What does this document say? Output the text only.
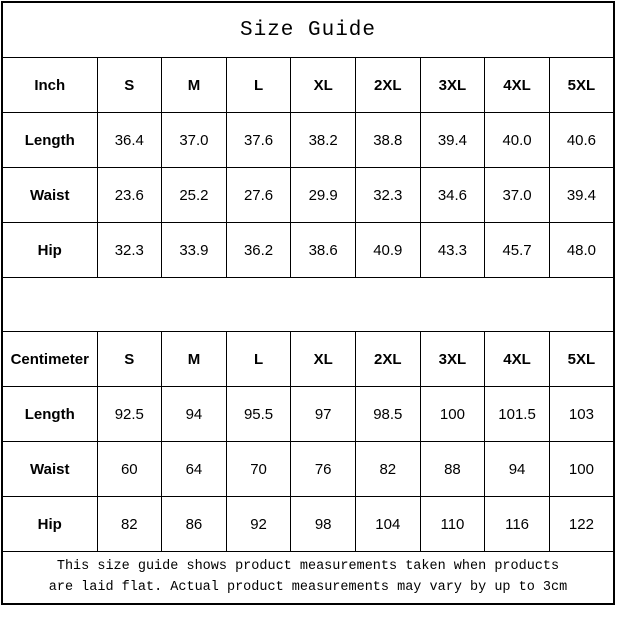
Size Guide								
Inch	S	M	L	XL	2XL	3XL	4XL	5XL
Length	36.4	37.0	37.6	38.2	38.8	39.4	40.0	40.6
Waist	23.6	25.2	27.6	29.9	32.3	34.6	37.0	39.4
Hip	32.3	33.9	36.2	38.6	40.9	43.3	45.7	48.0

Centimeter	S	M	L	XL	2XL	3XL	4XL	5XL
Length	92.5	94	95.5	97	98.5	100	101.5	103
Waist	60	64	70	76	82	88	94	100
Hip	82	86	92	98	104	110	116	122

This size guide shows product measurements taken when products
are laid flat. Actual product measurements may vary by up to 3cm								
